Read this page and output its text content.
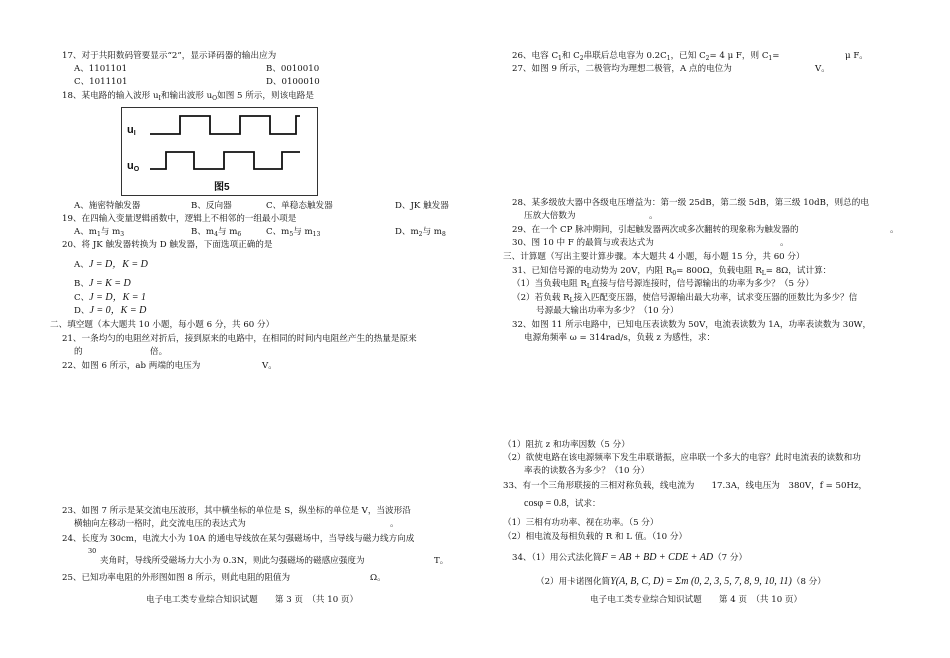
17、对于共阳数码管要显示“2”，显示译码器的输出应为
A、1101101	B、0010010
C、1011101	D、0100010
18、某电路的输入波形 $u_I$和输出波形 $u_O$如图 5 所示，则该电路是
uI
uO
图5
A、施密特触发器	B、反向器	C、单稳态触发器	D、JK 触发器
19、在四输入变量逻辑函数中，逻辑上不相邻的一组最小项是
A、$m_1$与 $m_3$	B、$m_4$与 $m_6$	C、$m_5$与 $m_{13}$	D、$m_2$与 $m_8$
20、将 JK 触发器转换为 D 触发器，下面选项正确的是
A、J = D，K = D
B、J = K = D
C、J = D，K = 1
D、J = 0，K = D
二、填空题（本大题共 10 小题，每小题 6 分，共 60 分）
21、一条均匀的电阻丝对折后，接到原来的电路中，在相同的时间内电阻丝产生的热量是原来
的	倍。
22、如图 6 所示，ab 两端的电压为	V。
23、如图 7 所示是某交流电压波形，其中横坐标的单位是 S，纵坐标的单位是 V，当波形沿
横轴向左移动一格时，此交流电压的表达式为	。
24、长度为 30cm，电流大小为 10A 的通电导线放在某匀强磁场中，当导线与磁力线方向成
30
夹角时，导线所受磁场力大小为 0.3N，则此匀强磁场的磁感应强度为	T。
25、已知功率电阻的外形图如图 8 所示，则此电阻的阻值为	Ω。
电子电工类专业综合知识试题　　第 3 页　（共 10 页）
26、电容 $C_1$和 $C_2$串联后总电容为 $0.2C_1$，已知 $C_2= 4$ μ F，则 $C_1=$	μ F。
27、如图 9 所示，二极管均为理想二极管，A 点的电位为	V。
28、某多级放大器中各级电压增益为：第一级 25dB，第二级 5dB，第三级 10dB，则总的电
压放大倍数为	。
29、在一个 CP 脉冲期间，引起触发器两次或多次翻转的现象称为触发器的	。
30、图 10 中 F 的最简与或表达式为	。
三、计算题（写出主要计算步骤。本大题共 4 小题，每小题 15 分，共 60 分）
31、已知信号源的电动势为 20V，内阻 $R_0= 800\Omega$，负载电阻 $R_L= 8\Omega$，试计算：
（1）当负载电阻 $R_L$直接与信号源连接时，信号源输出的功率为多少？（5 分）
（2）若负载 $R_L$接入匹配变压器，使信号源输出最大功率，试求变压器的匝数比为多少？信
号源最大输出功率为多少？（10 分）
32、如图 11 所示电路中，已知电压表读数为 50V，电流表读数为 1A，功率表读数为 30W，
电源角频率 ω = 314rad/s，负载 z 为感性，求：
（1）阻抗 z 和功率因数（5 分）
（2）欲使电路在该电源频率下发生串联谐振，应串联一个多大的电容？此时电流表的读数和功
率表的读数各为多少？（10 分）
33、有一个三角形联接的三相对称负载，线电流为　　17.3A，线电压为　380V，f = 50Hz，
cosφ = 0.8，试求：
（1）三相有功功率、视在功率。（5 分）
（2）相电流及每相负载的 R 和 L 值。（10 分）
34、（1）用公式法化简F = AB + BD + CDE + AD（7 分）
（2）用卡诺图化简Y(A, B, C, D) = Σm (0, 2, 3, 5, 7, 8, 9, 10, 11)（8 分）
电子电工类专业综合知识试题　　第 4 页　（共 10 页）
